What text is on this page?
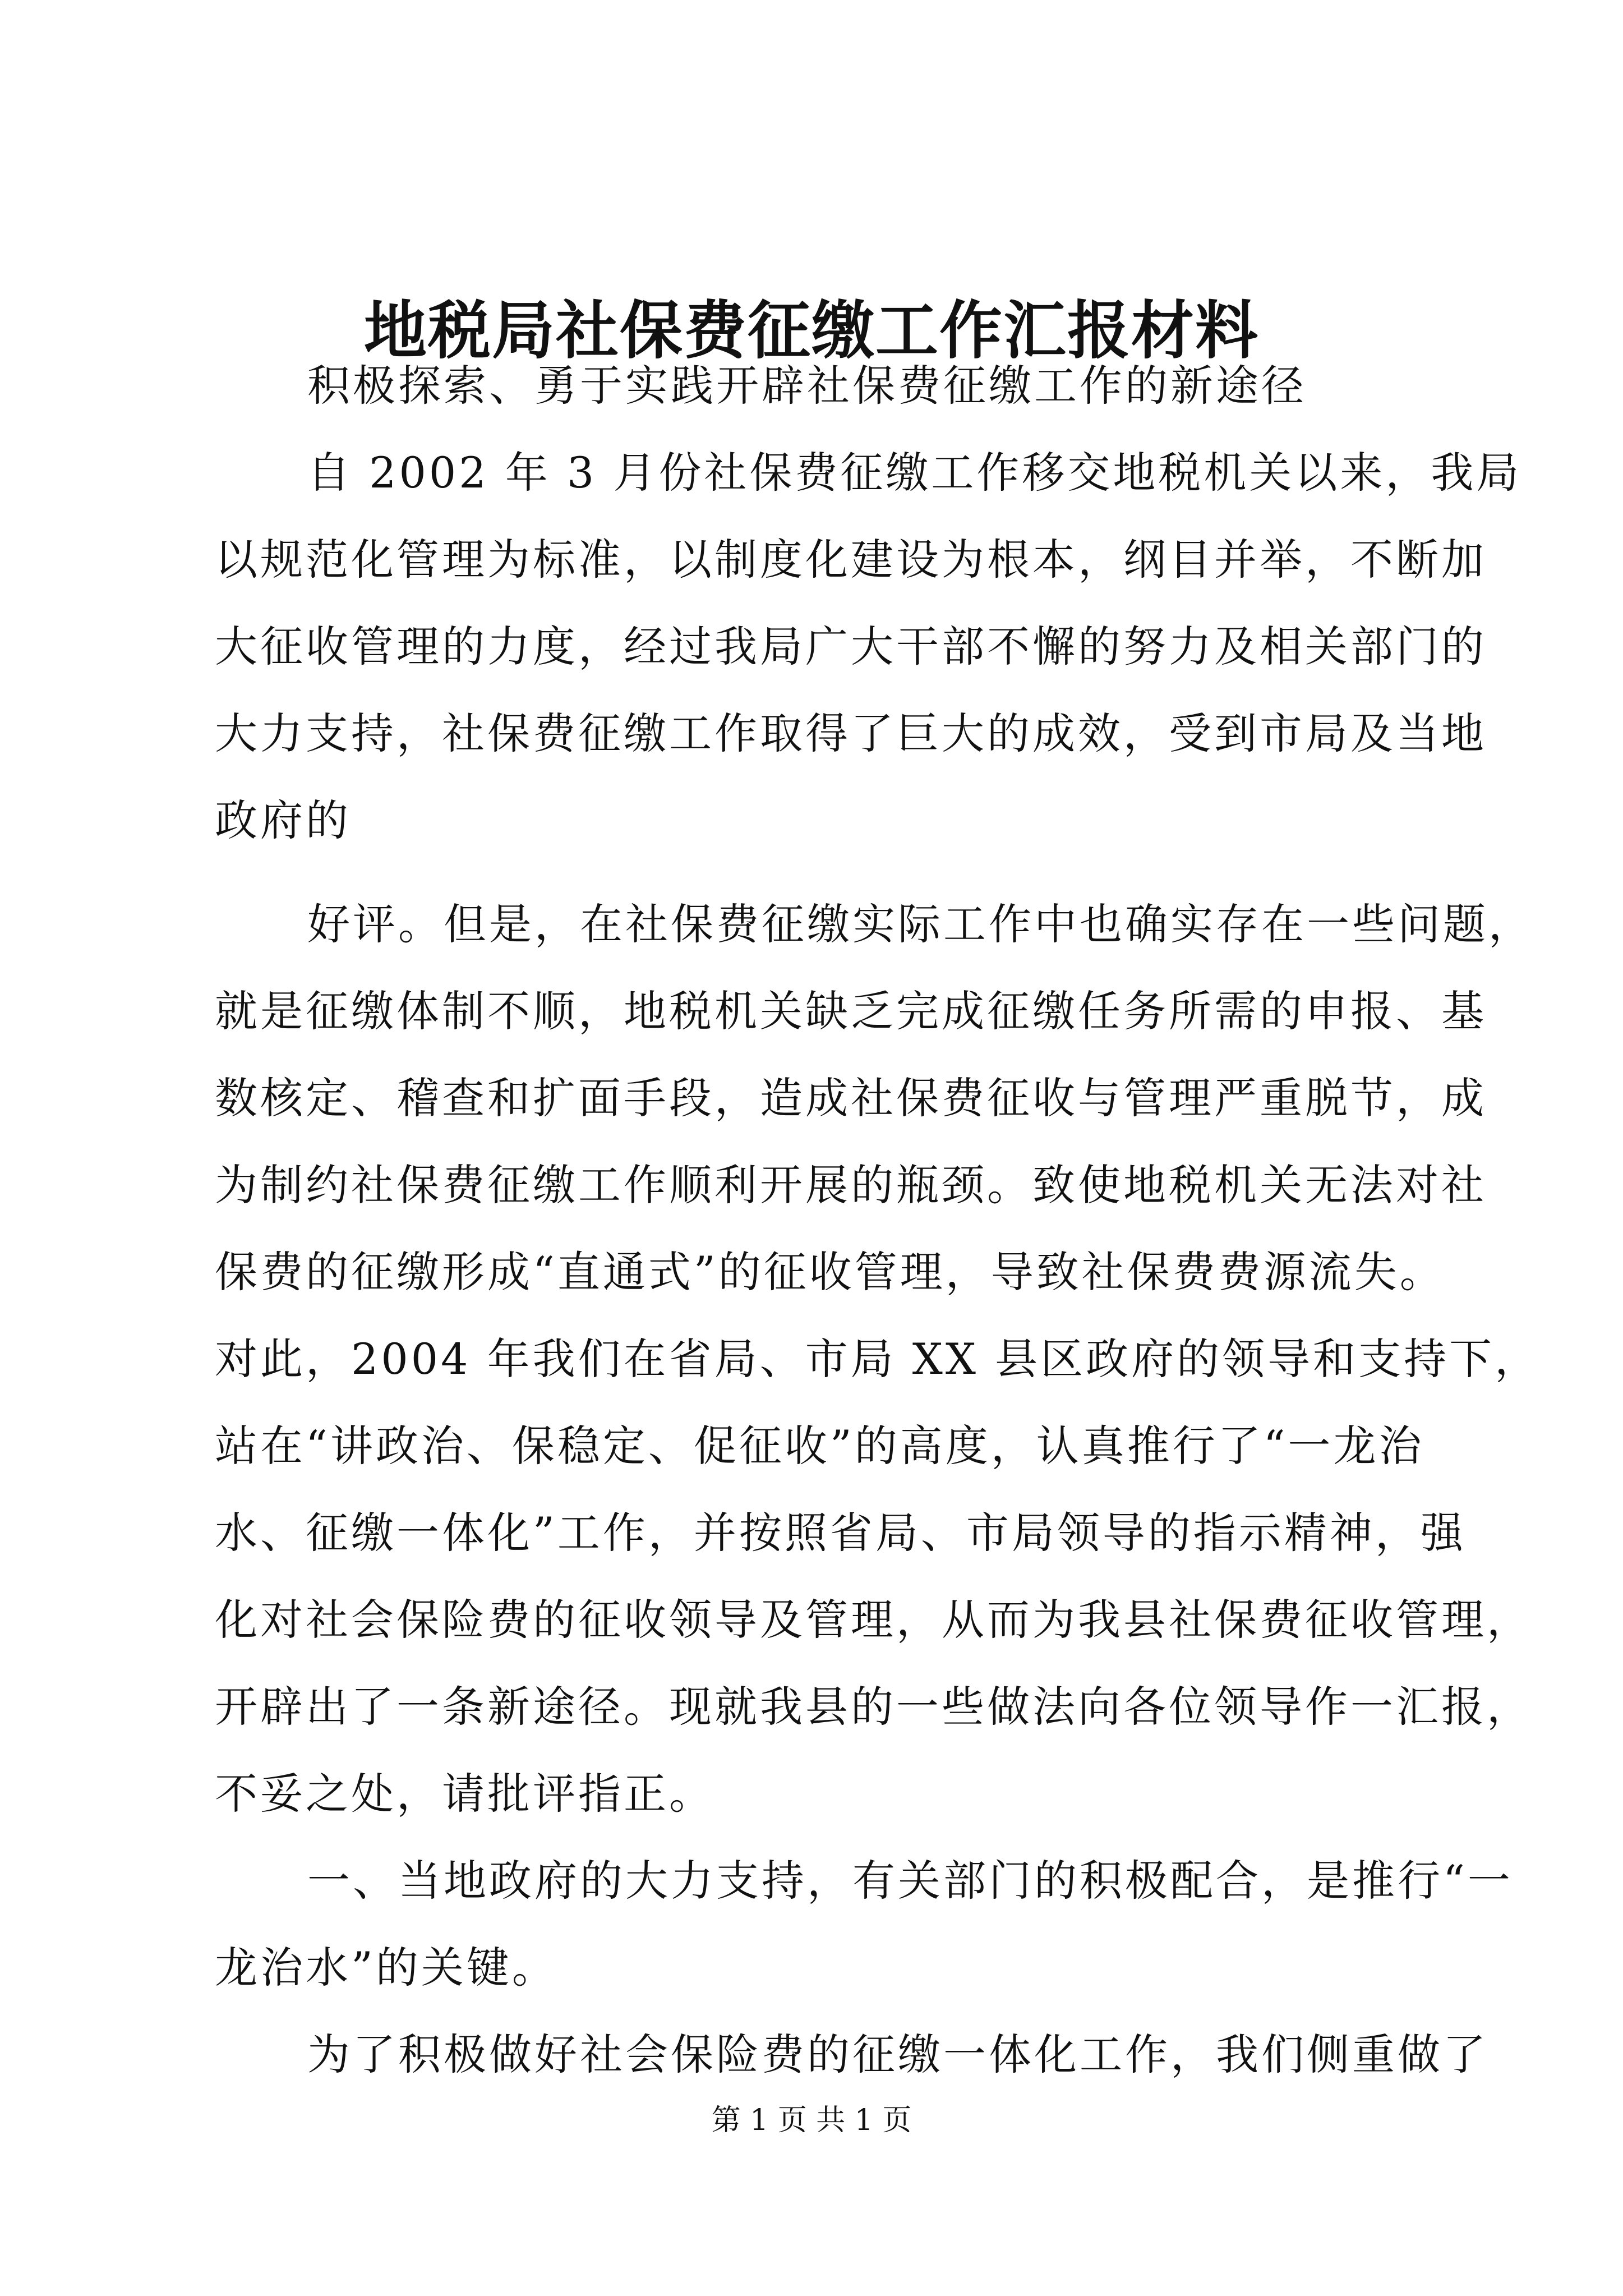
地税局社保费征缴工作汇报材料
积极探索、勇于实践开辟社保费征缴工作的新途径
自 2002 年 3 月份社保费征缴工作移交地税机关以来，我局
以规范化管理为标准，以制度化建设为根本，纲目并举，不断加
大征收管理的力度，经过我局广大干部不懈的努力及相关部门的
大力支持，社保费征缴工作取得了巨大的成效，受到市局及当地
政府的
好评。但是，在社保费征缴实际工作中也确实存在一些问题，
就是征缴体制不顺，地税机关缺乏完成征缴任务所需的申报、基
数核定、稽查和扩面手段，造成社保费征收与管理严重脱节，成
为制约社保费征缴工作顺利开展的瓶颈。致使地税机关无法对社
保费的征缴形成“直通式”的征收管理，导致社保费费源流失。
对此，2004 年我们在省局、市局 XX 县区政府的领导和支持下，
站在“讲政治、保稳定、促征收”的高度，认真推行了“一龙治
水、征缴一体化”工作，并按照省局、市局领导的指示精神，强
化对社会保险费的征收领导及管理，从而为我县社保费征收管理，
开辟出了一条新途径。现就我县的一些做法向各位领导作一汇报，
不妥之处，请批评指正。
一、当地政府的大力支持，有关部门的积极配合，是推行“一
龙治水”的关键。
为了积极做好社会保险费的征缴一体化工作，我们侧重做了
第 1 页 共 1 页
